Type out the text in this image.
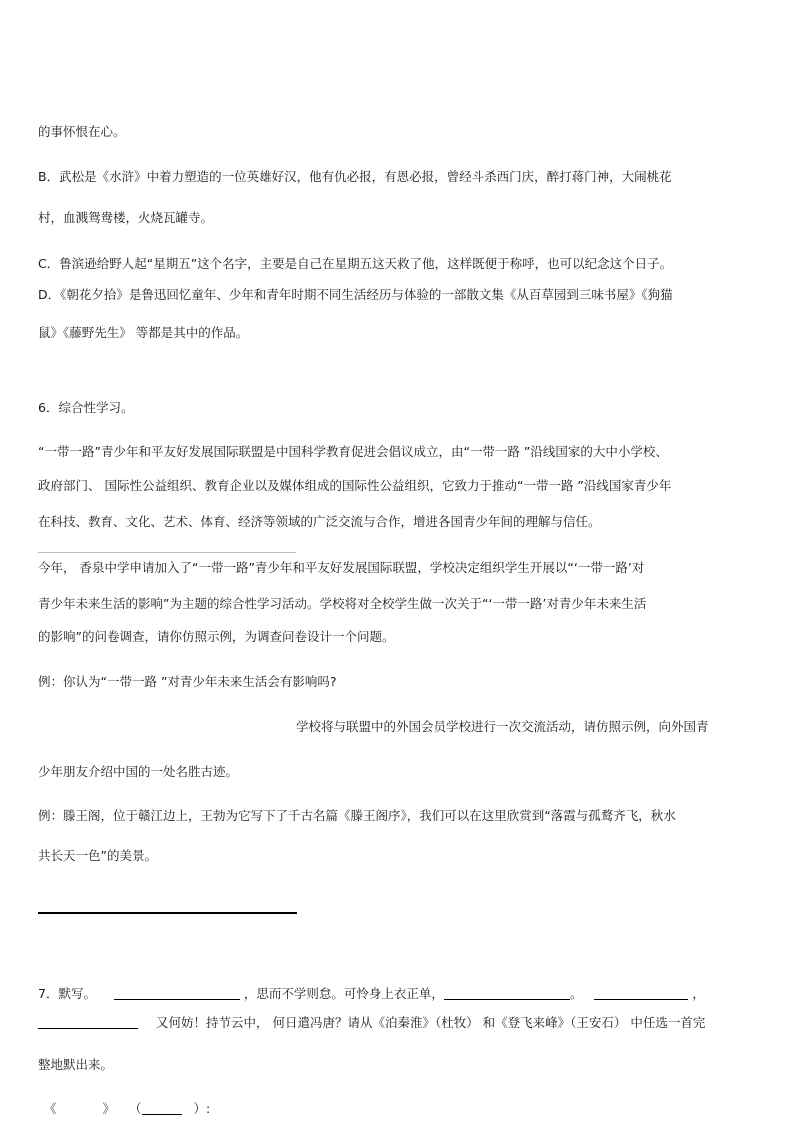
的事怀恨在心。
B．武松是《水浒》中着力塑造的一位英雄好汉，他有仇必报，有恩必报，曾经斗杀西门庆，醉打蒋门神，大闹桃花
村，血溅鸳鸯楼，火烧瓦罐寺。
C．鲁滨逊给野人起“星期五”这个名字，主要是自己在星期五这天救了他，这样既便于称呼，也可以纪念这个日子。
D．《朝花夕拾》是鲁迅回忆童年、少年和青年时期不同生活经历与体验的一部散文集《从百草园到三味书屋》《狗猫
鼠》《藤野先生》 等都是其中的作品。
6．综合性学习。
“一带一路”青少年和平友好发展国际联盟是中国科学教育促进会倡议成立，由“一带一路 ”沿线国家的大中小学校、
政府部门、 国际性公益组织、教育企业以及媒体组成的国际性公益组织，它致力于推动“一带一路 ”沿线国家青少年
在科技、教育、文化、艺术、体育、经济等领域的广泛交流与合作，增进各国青少年间的理解与信任。
今年， 香泉中学申请加入了“一带一路”青少年和平友好发展国际联盟，学校决定组织学生开展以“‘一带一路’对
青少年未来生活的影响”为主题的综合性学习活动。学校将对全校学生做一次关于“‘一带一路’对青少年未来生活
的影响”的问卷调查，请你仿照示例，为调查问卷设计一个问题。
例：你认为“一带一路 ”对青少年未来生活会有影响吗?
学校将与联盟中的外国会员学校进行一次交流活动，请仿照示例，向外国青
少年朋友介绍中国的一处名胜古迹。
例：滕王阁，位于赣江边上，王勃为它写下了千古名篇《滕王阁序》，我们可以在这里欣赏到“落霞与孤鹜齐飞，秋水
共长天一色”的美景。
7．默写。	，思而不学则怠。可怜身上衣正单，	。	，
又何妨！持节云中， 何日遣冯唐？请从《泊秦淮》（杜牧） 和《登飞来峰》（王安石） 中任选一首完
整地默出来。
《	》 （	）:
